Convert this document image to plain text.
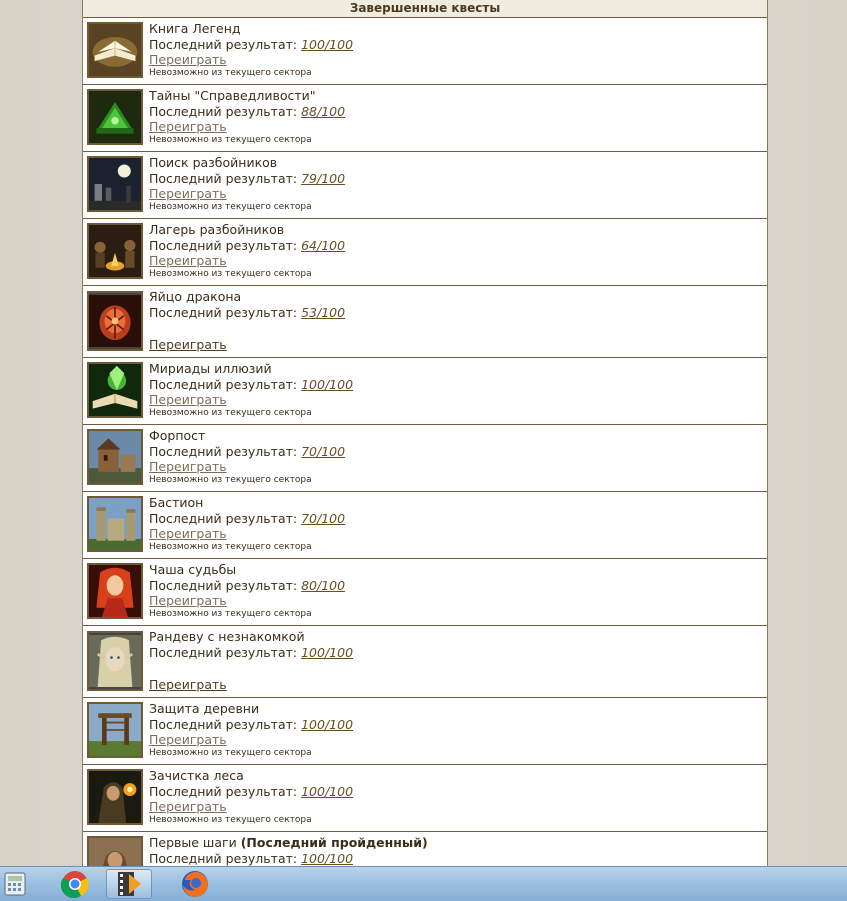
Завершенные квесты
Книга Легенд
Последний результат: 100/100
Переиграть
Невозможно из текущего сектора
Тайны "Справедливости"
Последний результат: 88/100
Переиграть
Невозможно из текущего сектора
Поиск разбойников
Последний результат: 79/100
Переиграть
Невозможно из текущего сектора
Лагерь разбойников
Последний результат: 64/100
Переиграть
Невозможно из текущего сектора
Яйцо дракона
Последний результат: 53/100
Переиграть
Мириады иллюзий
Последний результат: 100/100
Переиграть
Невозможно из текущего сектора
Форпост
Последний результат: 70/100
Переиграть
Невозможно из текущего сектора
Бастион
Последний результат: 70/100
Переиграть
Невозможно из текущего сектора
Чаша судьбы
Последний результат: 80/100
Переиграть
Невозможно из текущего сектора
Рандеву с незнакомкой
Последний результат: 100/100
Переиграть
Защита деревни
Последний результат: 100/100
Переиграть
Невозможно из текущего сектора
Зачистка леса
Последний результат: 100/100
Переиграть
Невозможно из текущего сектора
Первые шаги (Последний пройденный)
Последний результат: 100/100
